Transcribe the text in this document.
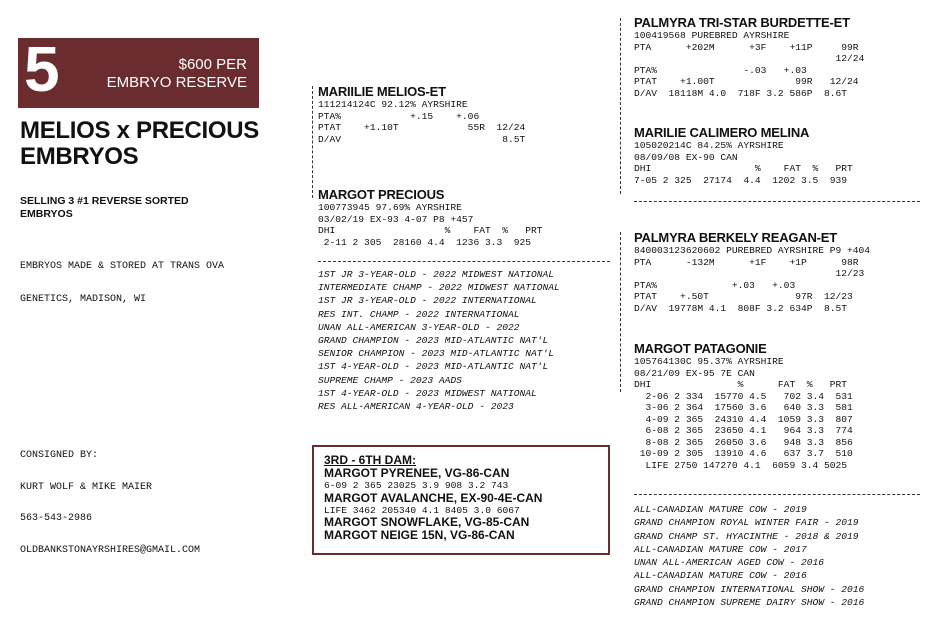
5	$600 PER
EMBRYO RESERVE
MELIOS x PRECIOUS
EMBRYOS
SELLING 3 #1 REVERSE SORTED
EMBRYOS

EMBRYOS MADE & STORED AT TRANS OVA

GENETICS, MADISON, WI

CONSIGNED BY:

KURT WOLF & MIKE MAIER

563-543-2986

OLDBANKSTONAYRSHIRES@GMAIL.COM

MARIILIE MELIOS-ET
111214124C 92.12% AYRSHIRE
PTA%            +.15    +.06
PTAT    +1.10T            55R  12/24
D/AV                            8.5T
MARGOT PRECIOUS
100773945 97.69% AYRSHIRE
03/02/19 EX-93 4-07 P8 +457
DHI                   %    FAT  %   PRT
2-11 2 305  28160 4.4  1236 3.3  925
1ST JR 3-YEAR-OLD - 2022 MIDWEST NATIONAL
INTERMEDIATE CHAMP - 2022 MIDWEST NATIONAL
1ST JR 3-YEAR-OLD - 2022 INTERNATIONAL
RES INT. CHAMP - 2022 INTERNATIONAL
UNAN ALL-AMERICAN 3-YEAR-OLD - 2022
GRAND CHAMPION - 2023 MID-ATLANTIC NAT'L
SENIOR CHAMPION - 2023 MID-ATLANTIC NAT'L
1ST 4-YEAR-OLD - 2023 MID-ATLANTIC NAT'L
SUPREME CHAMP - 2023 AADS
1ST 4-YEAR-OLD - 2023 MIDWEST NATIONAL
RES ALL-AMERICAN 4-YEAR-OLD - 2023
3RD - 6TH DAM:
MARGOT PYRENEE, VG-86-CAN
6-09 2 365 23025 3.9 908 3.2 743
MARGOT AVALANCHE, EX-90-4E-CAN
LIFE 3462 205340 4.1 8405 3.0 6067
MARGOT SNOWFLAKE, VG-85-CAN
MARGOT NEIGE 15N, VG-86-CAN
PALMYRA TRI-STAR BURDETTE-ET
100419568 PUREBRED AYRSHIRE
PTA      +202M      +3F    +11P     99R
12/24
PTA%               -.03   +.03
PTAT    +1.00T              99R   12/24
D/AV  18118M 4.0  718F 3.2 586P  8.6T
MARILIE CALIMERO MELINA
105020214C 84.25% AYRSHIRE
08/09/08 EX-90 CAN
DHI                  %    FAT  %   PRT
7-05 2 325  27174  4.4  1202 3.5  939
PALMYRA BERKELY REAGAN-ET
840003123620602 PUREBRED AYRSHIRE P9 +404
PTA      -132M      +1F    +1P      98R
12/23
PTA%             +.03   +.03
PTAT    +.50T               97R  12/23
D/AV  19778M 4.1  808F 3.2 634P  8.5T
MARGOT PATAGONIE
105764130C 95.37% AYRSHIRE
08/21/09 EX-95 7E CAN
DHI               %      FAT  %   PRT
2-06 2 334  15770 4.5   702 3.4  531
3-06 2 364  17560 3.6   640 3.3  581
4-09 2 365  24310 4.4  1059 3.3  807
6-08 2 365  23650 4.1   964 3.3  774
8-08 2 365  26050 3.6   948 3.3  856
10-09 2 305  13910 4.6   637 3.7  510
LIFE 2750 147270 4.1  6059 3.4 5025
ALL-CANADIAN MATURE COW - 2019
GRAND CHAMPION ROYAL WINTER FAIR - 2019
GRAND CHAMP ST. HYACINTHE - 2018 & 2019
ALL-CANADIAN MATURE COW - 2017
UNAN ALL-AMERICAN AGED COW - 2016
ALL-CANADIAN MATURE COW - 2016
GRAND CHAMPION INTERNATIONAL SHOW - 2016
GRAND CHAMPION SUPREME DAIRY SHOW - 2016
